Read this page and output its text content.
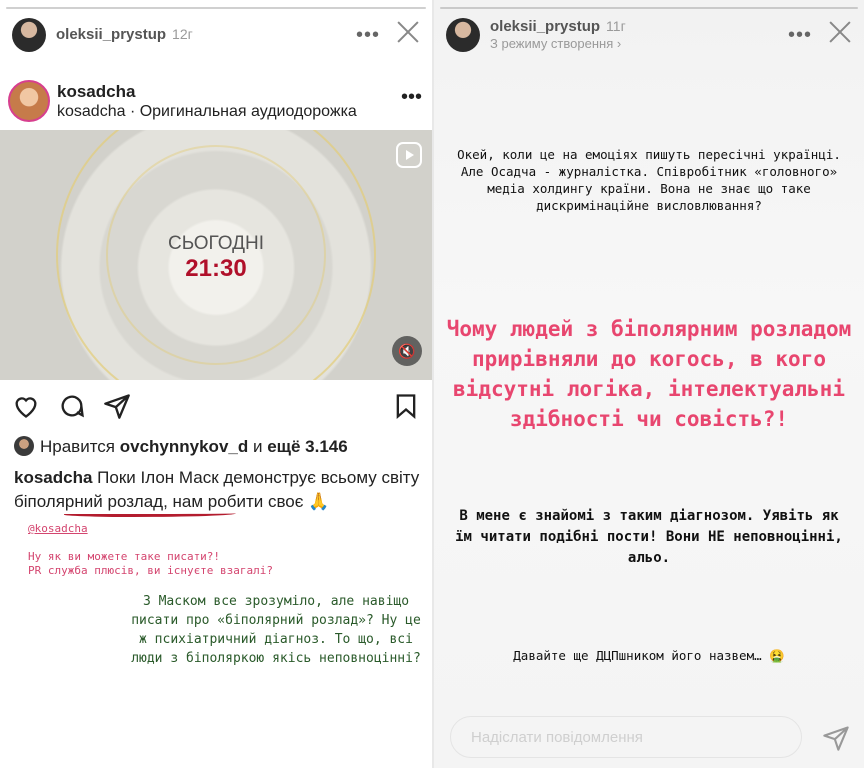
oleksii_prystup 12г	•••
kosadcha
kosadcha · Оригинальная аудиодорожка
•••
СЬОГОДНІ
21:30
🔇
Нравится ovchynnykov_d и ещё 3.146
kosadcha Поки Ілон Маск демонструє всьому світу біполярний розлад, нам робити своє 🙏
@kosadcha
Ну як ви можете таке писати?!
PR служба плюсів, ви існуєте взагалі?
З Маском все зрозуміло, але навіщо писати про «біполярний розлад»? Ну це ж психіатричний діагноз. То що, всі люди з біполяркою якісь неповноцінні?
oleksii_prystup 11г
З режиму створення ›	•••
Окей, коли це на емоціях пишуть пересічні українці. Але Осадча - журналістка. Співробітник «головного» медіа холдингу країни. Вона не знає що таке дискримінаційне висловлювання?
Чому людей з біполярним розладом прирівняли до когось, в кого відсутні логіка, інтелектуальні здібності чи совість?!
В мене є знайомі з таким діагнозом. Уявіть як їм читати подібні пости! Вони НЕ неповноцінні, альо.
Давайте ще ДЦПшником його назвем… 🤮
Надіслати повідомлення
